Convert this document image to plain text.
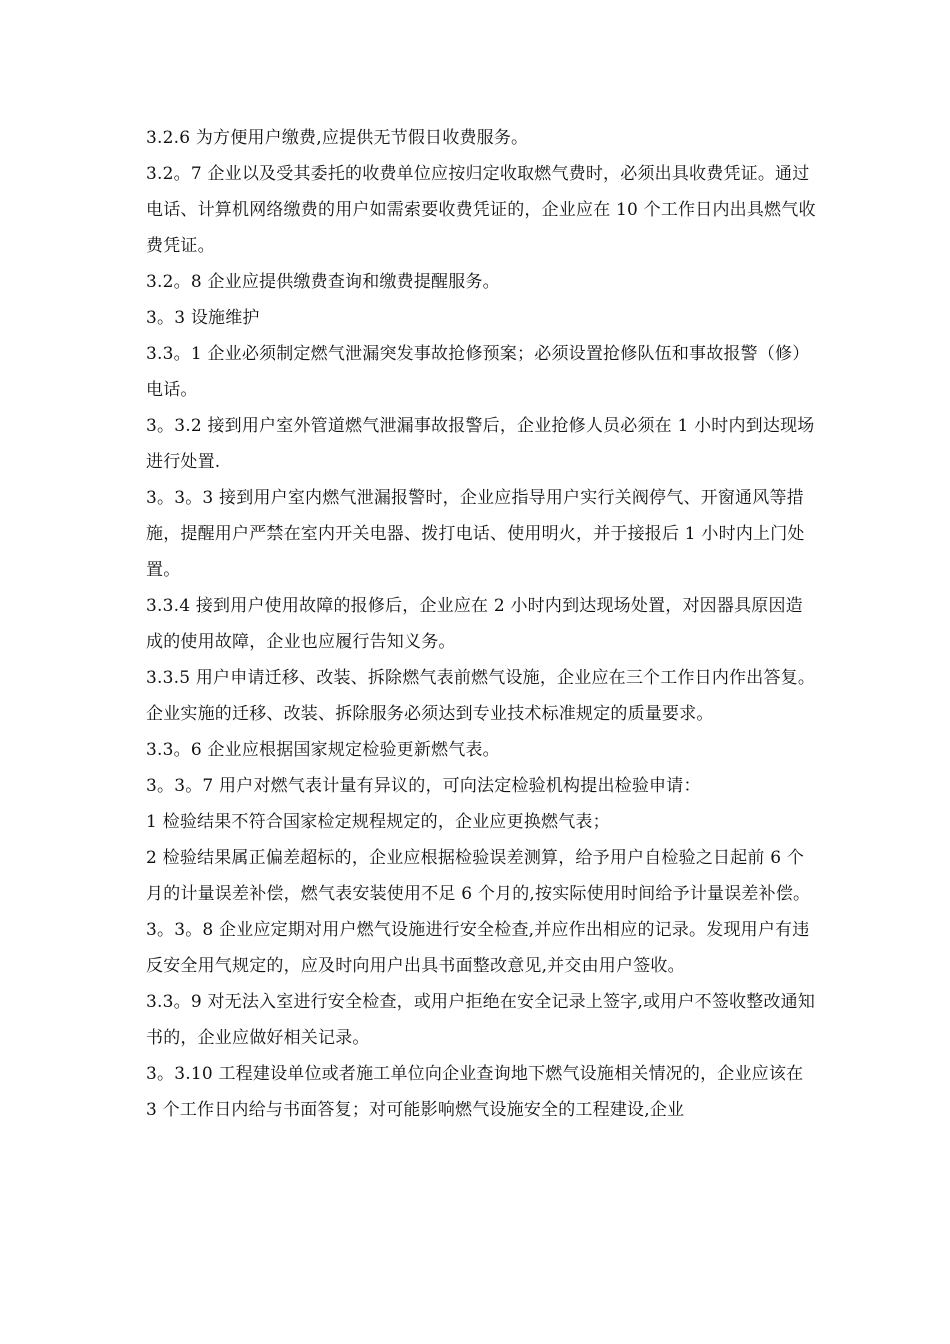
3.2.6 为方便用户缴费,应提供无节假日收费服务。

3.2。7 企业以及受其委托的收费单位应按归定收取燃气费时，必须出具收费凭证。通过电话、计算机网络缴费的用户如需索要收费凭证的，企业应在 10 个工作日内出具燃气收费凭证。

3.2。8 企业应提供缴费查询和缴费提醒服务。

3。3 设施维护

3.3。1 企业必须制定燃气泄漏突发事故抢修预案；必须设置抢修队伍和事故报警（修）电话。

3。3.2 接到用户室外管道燃气泄漏事故报警后，企业抢修人员必须在 1 小时内到达现场进行处置.

3。3。3 接到用户室内燃气泄漏报警时，企业应指导用户实行关阀停气、开窗通风等措施，提醒用户严禁在室内开关电器、拨打电话、使用明火，并于接报后 1 小时内上门处置。

3.3.4 接到用户使用故障的报修后，企业应在 2 小时内到达现场处置，对因器具原因造成的使用故障，企业也应履行告知义务。

3.3.5 用户申请迁移、改装、拆除燃气表前燃气设施，企业应在三个工作日内作出答复。企业实施的迁移、改装、拆除服务必须达到专业技术标准规定的质量要求。

3.3。6 企业应根据国家规定检验更新燃气表。

3。3。7 用户对燃气表计量有异议的，可向法定检验机构提出检验申请：

1 检验结果不符合国家检定规程规定的，企业应更换燃气表；

2 检验结果属正偏差超标的，企业应根据检验误差测算，给予用户自检验之日起前 6 个月的计量误差补偿，燃气表安装使用不足 6 个月的,按实际使用时间给予计量误差补偿。

3。3。8 企业应定期对用户燃气设施进行安全检查,并应作出相应的记录。发现用户有违反安全用气规定的，应及时向用户出具书面整改意见,并交由用户签收。

3.3。9 对无法入室进行安全检查，或用户拒绝在安全记录上签字,或用户不签收整改通知书的，企业应做好相关记录。

3。3.10 工程建设单位或者施工单位向企业查询地下燃气设施相关情况的，企业应该在 3 个工作日内给与书面答复；对可能影响燃气设施安全的工程建设,企业
